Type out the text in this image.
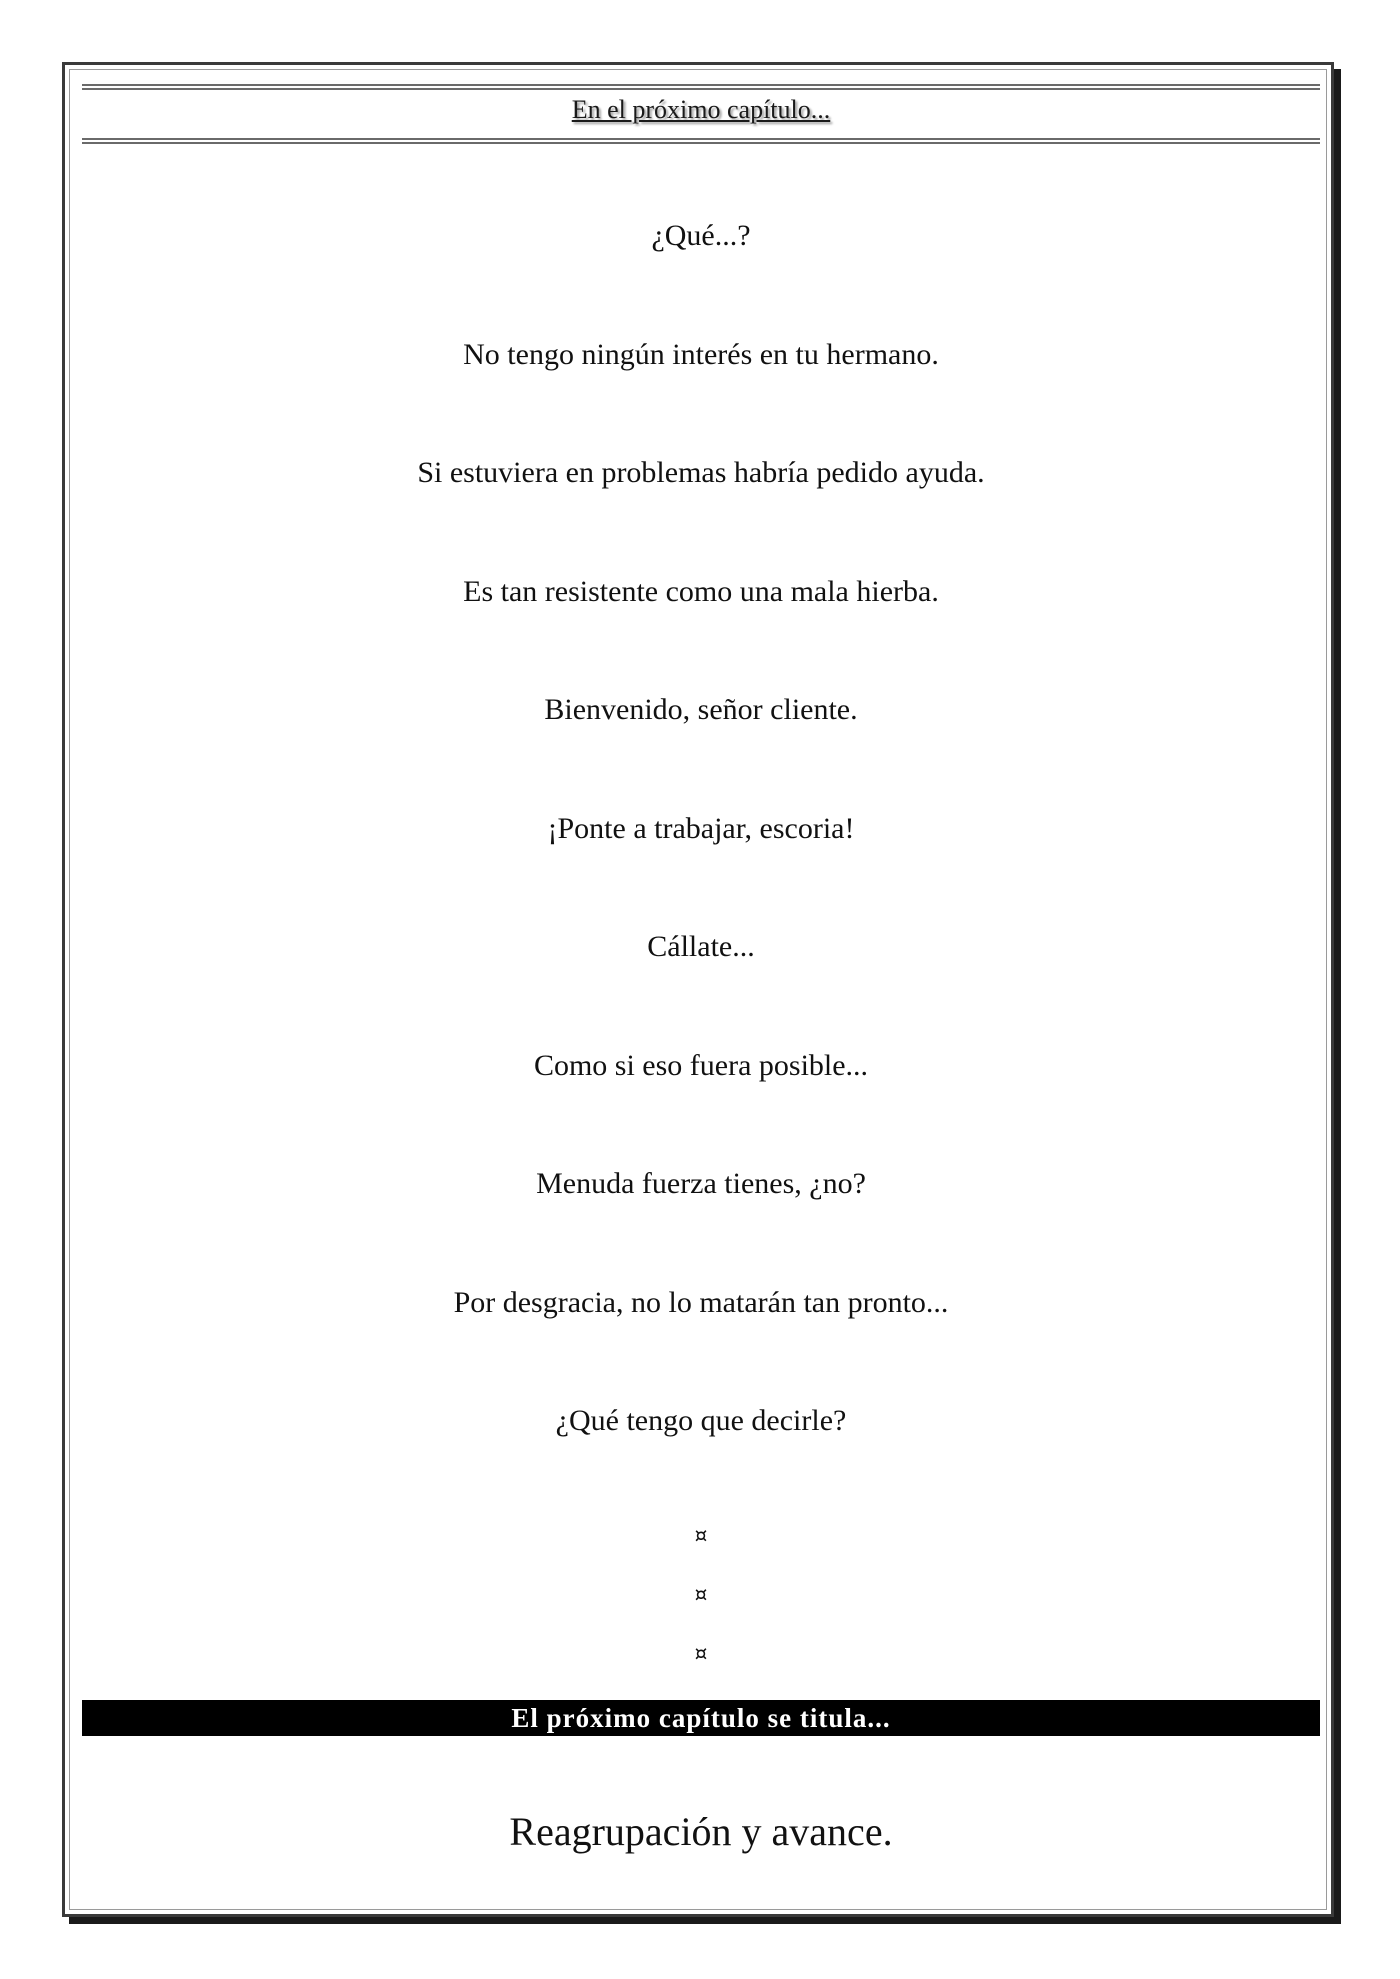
En el próximo capítulo...
¿Qué...?
No tengo ningún interés en tu hermano.
Si estuviera en problemas habría pedido ayuda.
Es tan resistente como una mala hierba.
Bienvenido, señor cliente.
¡Ponte a trabajar, escoria!
Cállate...
Como si eso fuera posible...
Menuda fuerza tienes, ¿no?
Por desgracia, no lo matarán tan pronto...
¿Qué tengo que decirle?
¤
¤
¤
El próximo capítulo se titula...
Reagrupación y avance.
